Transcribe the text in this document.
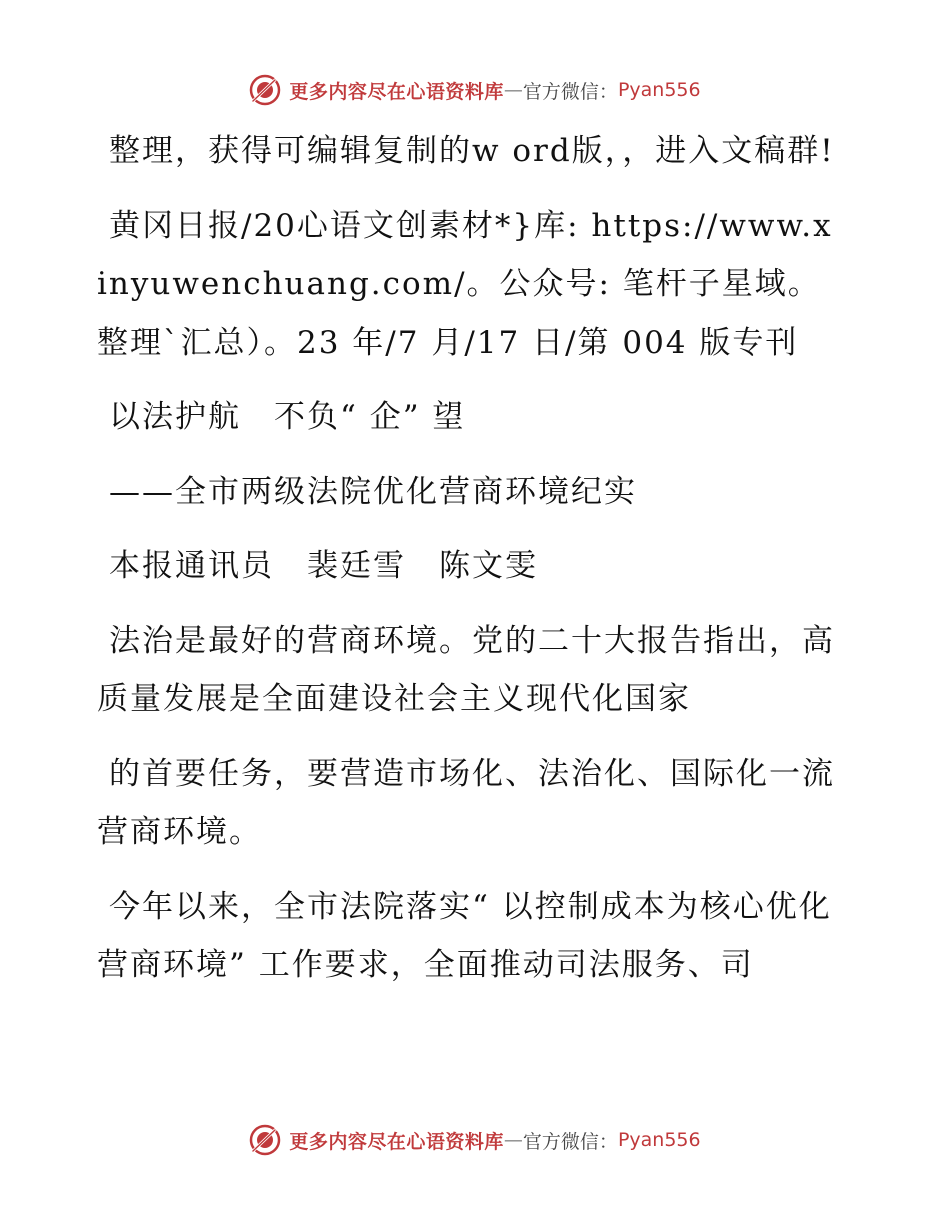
更多内容尽在心语资料库 — 官方微信： Pyan556

整理，获得可编辑复制的w ord版，，进入文稿群!

黄冈日报/20心语文创素材*}库: https://www.xinyuwenchuang.com/。公众号: 笔杆子星域。整理`汇总）。23 年/7 月/17 日/第 004 版专刊

以法护航　不负“ 企” 望

——全市两级法院优化营商环境纪实

本报通讯员　裴廷雪　陈文雯

法治是最好的营商环境。党的二十大报告指出，高质量发展是全面建设社会主义现代化国家

的首要任务，要营造市场化、法治化、国际化一流营商环境。

今年以来，全市法院落实“ 以控制成本为核心优化营商环境” 工作要求，全面推动司法服务、司

更多内容尽在心语资料库 — 官方微信： Pyan556
